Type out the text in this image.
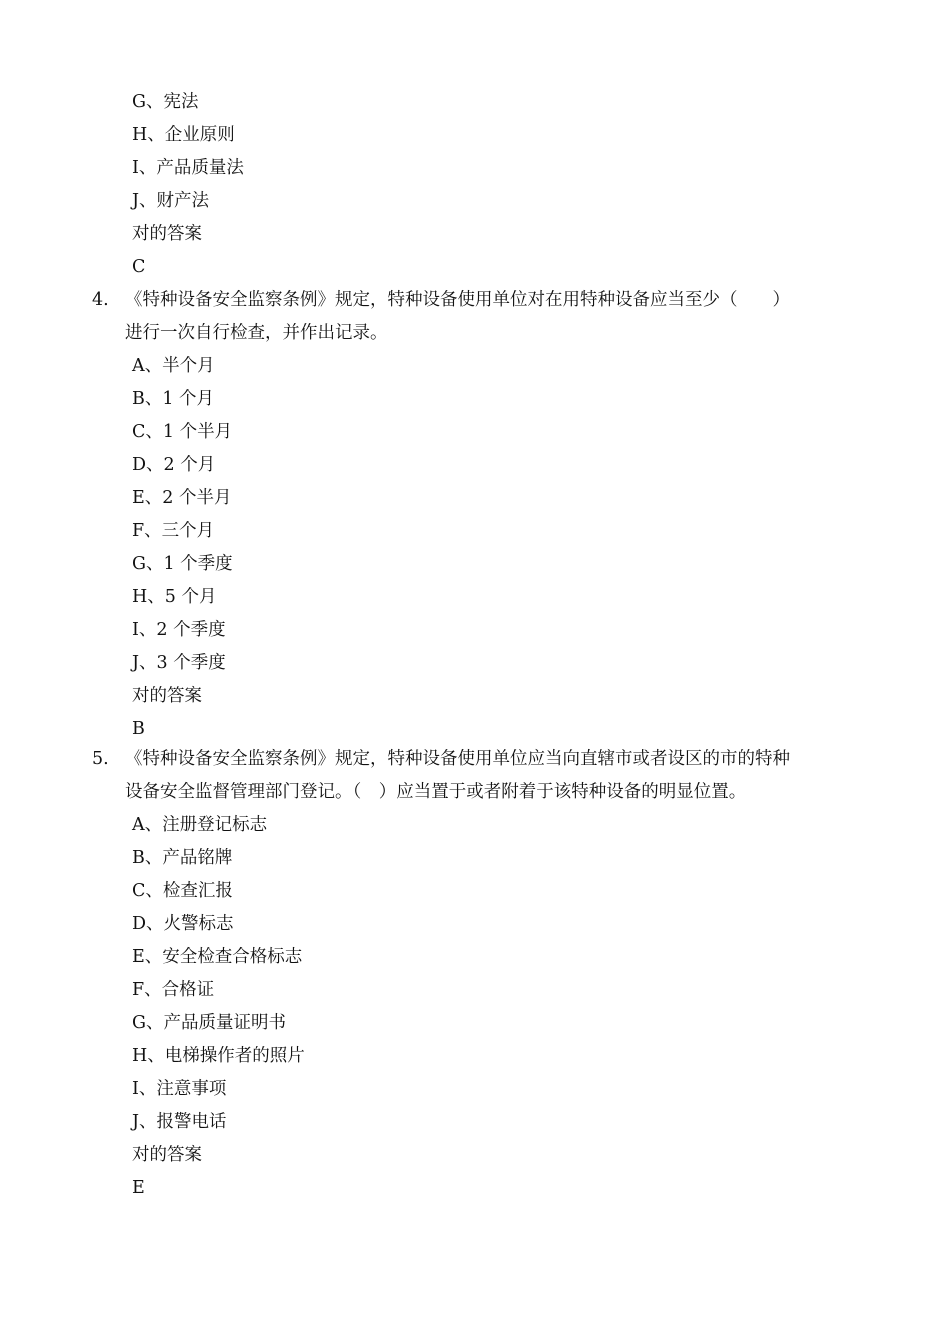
G、宪法
H、企业原则
I、产品质量法
J、财产法
对的答案
C
4. 《特种设备安全监察条例》规定，特种设备使用单位对在用特种设备应当至少（　　）
进行一次自行检查，并作出记录。
A、半个月
B、1 个月
C、1 个半月
D、2 个月
E、2 个半月
F、三个月
G、1 个季度
H、5 个月
I、2 个季度
J、3 个季度
对的答案
B
5. 《特种设备安全监察条例》规定，特种设备使用单位应当向直辖市或者设区的市的特种
设备安全监督管理部门登记。（　）应当置于或者附着于该特种设备的明显位置。
A、注册登记标志
B、产品铭牌
C、检查汇报
D、火警标志
E、安全检查合格标志
F、合格证
G、产品质量证明书
H、电梯操作者的照片
I、注意事项
J、报警电话
对的答案
E
